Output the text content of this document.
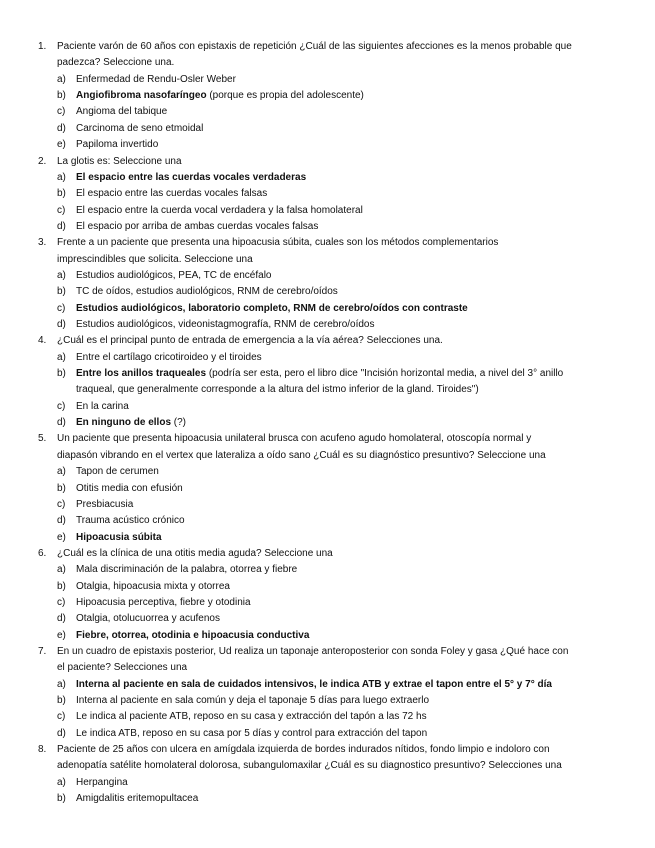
1. Paciente varón de 60 años con epistaxis de repetición ¿Cuál de las siguientes afecciones es la menos probable que
padezca? Seleccione una.
a) Enfermedad de Rendu-Osler Weber
b) Angiofibroma nasofaríngeo (porque es propia del adolescente)
c) Angioma del tabique
d) Carcinoma de seno etmoidal
e) Papiloma invertido
2. La glotis es: Seleccione una
a) El espacio entre las cuerdas vocales verdaderas
b) El espacio entre las cuerdas vocales falsas
c) El espacio entre la cuerda vocal verdadera y la falsa homolateral
d) El espacio por arriba de ambas cuerdas vocales falsas
3. Frente a un paciente que presenta una hipoacusia súbita, cuales son los métodos complementarios
imprescindibles que solicita. Seleccione una
a) Estudios audiológicos, PEA, TC de encéfalo
b) TC de oídos, estudios audiológicos, RNM de cerebro/oídos
c) Estudios audiológicos, laboratorio completo, RNM de cerebro/oídos con contraste
d) Estudios audiológicos, videonistagmografía, RNM de cerebro/oídos
4. ¿Cuál es el principal punto de entrada de emergencia a la vía aérea? Selecciones una.
a) Entre el cartílago cricotiroideo y el tiroides
b) Entre los anillos traqueales (podría ser esta, pero el libro dice "Incisión horizontal media, a nivel del 3° anillo
traqueal, que generalmente corresponde a la altura del istmo inferior de la gland. Tiroides")
c) En la carina
d) En ninguno de ellos (?)
5. Un paciente que presenta hipoacusia unilateral brusca con acufeno agudo homolateral, otoscopía normal y
diapasón vibrando en el vertex que lateraliza a oído sano ¿Cuál es su diagnóstico presuntivo? Seleccione una
a) Tapon de cerumen
b) Otitis media con efusión
c) Presbiacusia
d) Trauma acústico crónico
e) Hipoacusia súbita
6. ¿Cuál es la clínica de una otitis media aguda? Seleccione una
a) Mala discriminación de la palabra, otorrea y fiebre
b) Otalgia, hipoacusia mixta y otorrea
c) Hipoacusia perceptiva, fiebre y otodinia
d) Otalgia, otolucuorrea y acufenos
e) Fiebre, otorrea, otodinia e hipoacusia conductiva
7. En un cuadro de epistaxis posterior, Ud realiza un taponaje anteroposterior con sonda Foley y gasa ¿Qué hace con
el paciente? Selecciones una
a) Interna al paciente en sala de cuidados intensivos, le indica ATB y extrae el tapon entre el 5° y 7° día
b) Interna al paciente en sala común y deja el taponaje 5 días para luego extraerlo
c) Le indica al paciente ATB, reposo en su casa y extracción del tapón a las 72 hs
d) Le indica ATB, reposo en su casa por 5 días y control para extracción del tapon
8. Paciente de 25 años con ulcera en amígdala izquierda de bordes indurados nítidos, fondo limpio e indoloro con
adenopatía satélite homolateral dolorosa, subangulomaxilar ¿Cuál es su diagnostico presuntivo? Selecciones una
a) Herpangina
b) Amigdalitis eritemopultacea
